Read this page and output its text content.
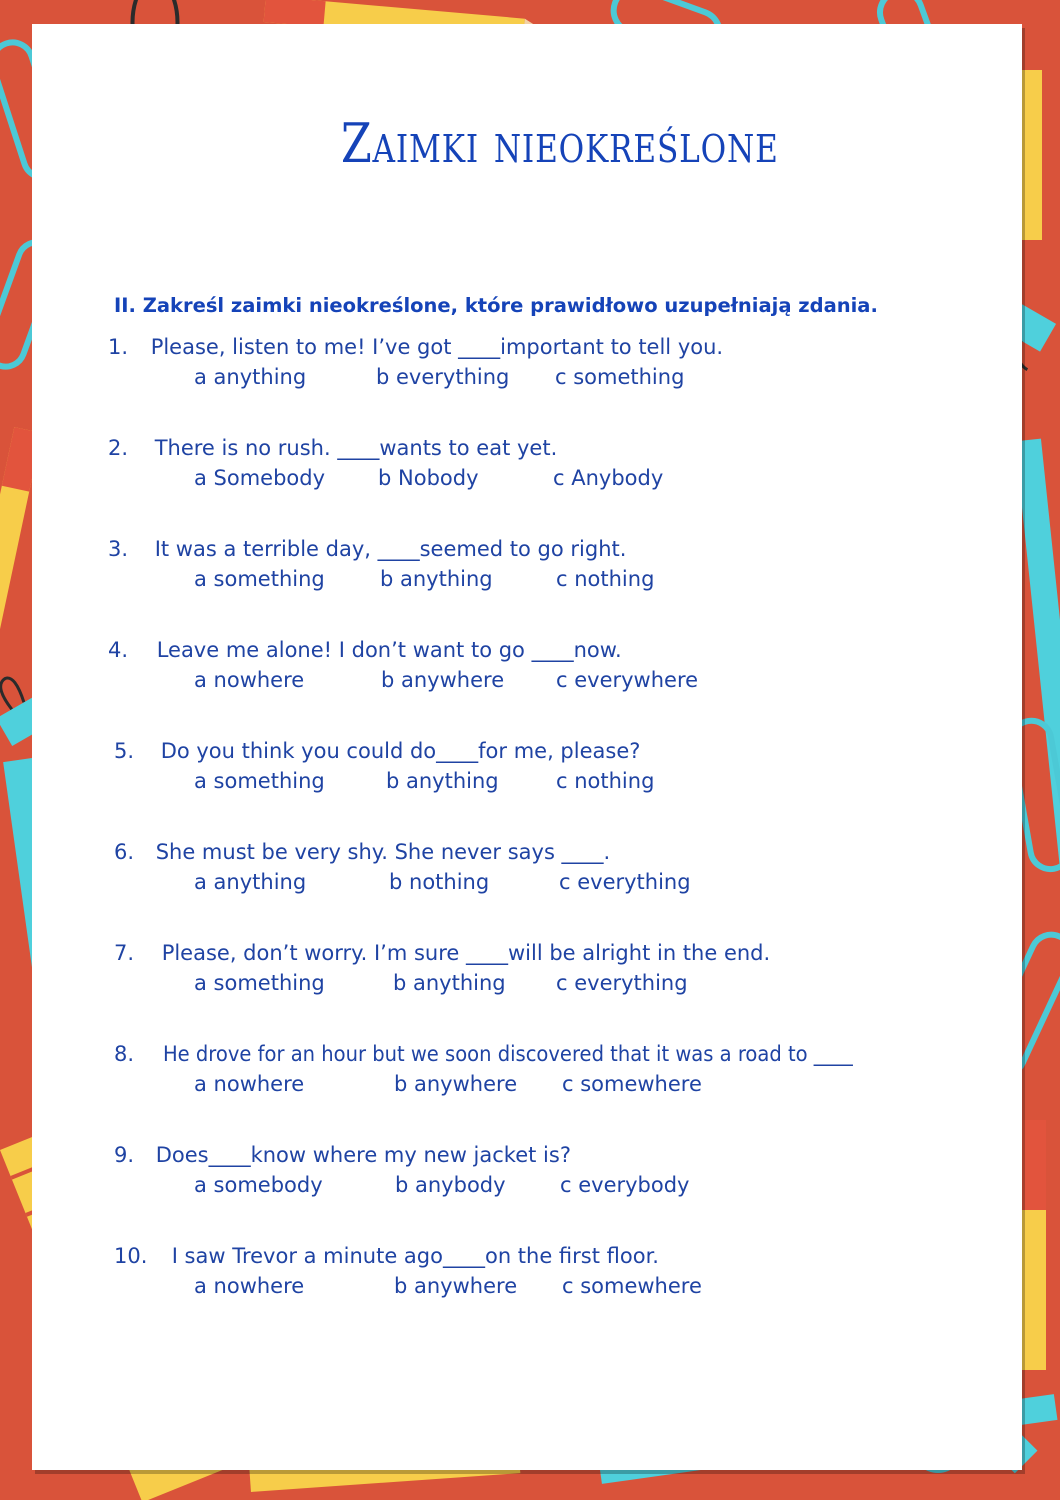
Zaimki nieokreślone
II. Zakreśl zaimki nieokreślone, które prawidłowo uzupełniają zdania.
1. Please, listen to me! I’ve got ____important to tell you.
a anything	b everything c something
2. There is no rush. ____wants to eat yet.
a Somebody	b Nobody	c Anybody
3. It was a terrible day, ____seemed to go right.
a something	b anything	c nothing
4. Leave me alone! I don’t want to go ____now.
a nowhere	b anywhere c everywhere
5. Do you think you could do____for me, please?
a something	b anything	c nothing
6. She must be very shy. She never says ____.
a anything	b nothing	c everything
7. Please, don’t worry. I’m sure ____will be alright in the end.
a something	b anything c everything
8. He drove for an hour but we soon discovered that it was a road to ____
a nowhere	b anywhere c somewhere
9. Does____know where my new jacket is?
a somebody	b anybody	c everybody
10. I saw Trevor a minute ago____on the first floor.
a nowhere	b anywhere c somewhere
